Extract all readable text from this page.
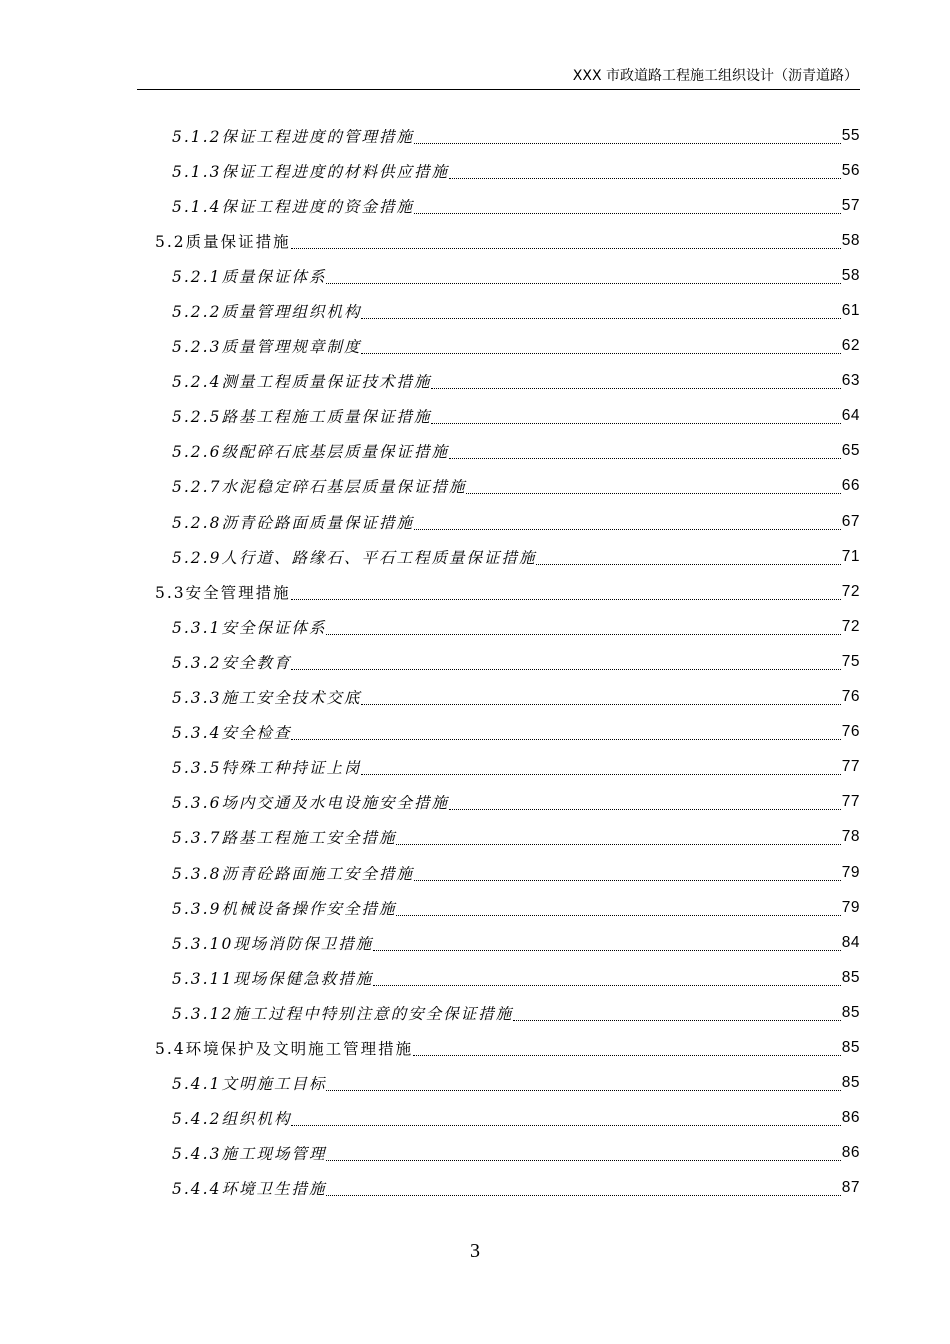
XXX 市政道路工程施工组织设计（沥青道路）
5.1.2保证工程进度的管理措施	55
5.1.3保证工程进度的材料供应措施	56
5.1.4保证工程进度的资金措施	57
5.2质量保证措施	58
5.2.1质量保证体系	58
5.2.2质量管理组织机构	61
5.2.3质量管理规章制度	62
5.2.4测量工程质量保证技术措施	63
5.2.5路基工程施工质量保证措施	64
5.2.6级配碎石底基层质量保证措施	65
5.2.7水泥稳定碎石基层质量保证措施	66
5.2.8沥青砼路面质量保证措施	67
5.2.9人行道、路缘石、平石工程质量保证措施	71
5.3安全管理措施	72
5.3.1安全保证体系	72
5.3.2安全教育	75
5.3.3施工安全技术交底	76
5.3.4安全检查	76
5.3.5特殊工种持证上岗	77
5.3.6场内交通及水电设施安全措施	77
5.3.7路基工程施工安全措施	78
5.3.8沥青砼路面施工安全措施	79
5.3.9机械设备操作安全措施	79
5.3.10现场消防保卫措施	84
5.3.11现场保健急救措施	85
5.3.12施工过程中特别注意的安全保证措施	85
5.4环境保护及文明施工管理措施	85
5.4.1文明施工目标	85
5.4.2组织机构	86
5.4.3施工现场管理	86
5.4.4环境卫生措施	87
3
